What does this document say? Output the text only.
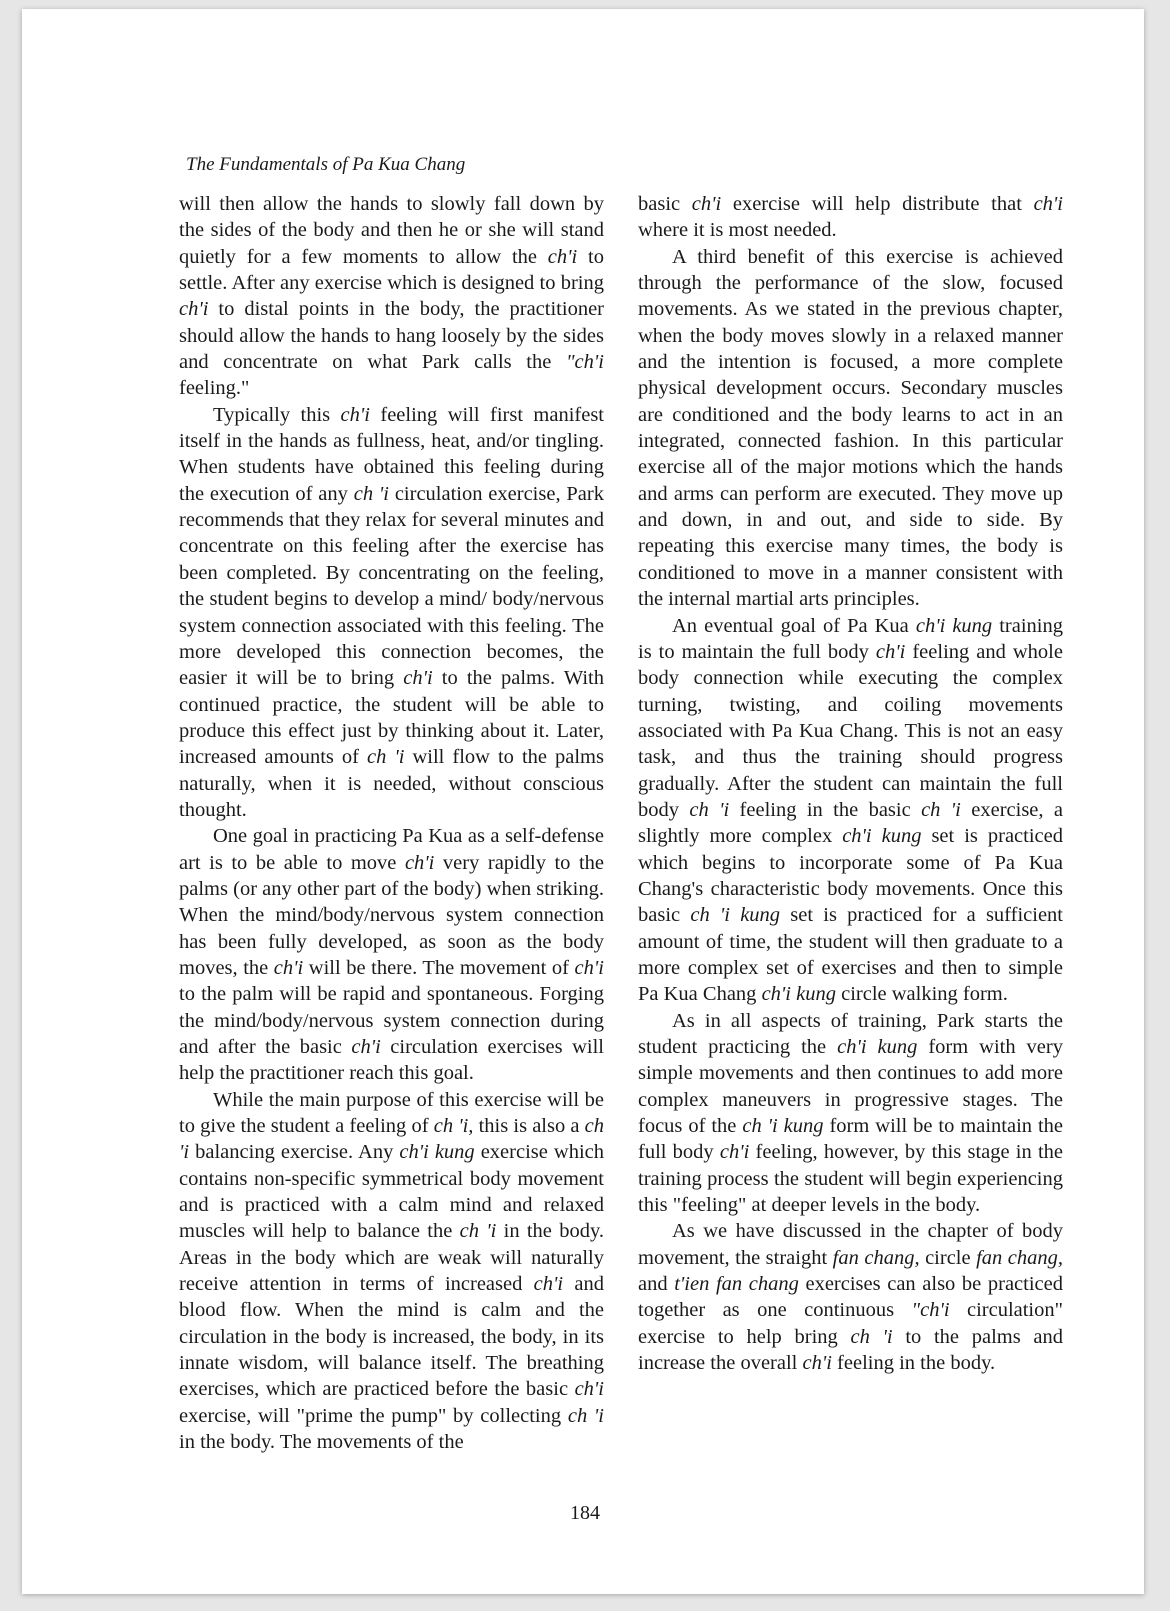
The Fundamentals of Pa Kua Chang

will then allow the hands to slowly fall down by the sides of the body and then he or she will stand quietly for a few moments to allow the ch'i to settle. After any exercise which is designed to bring ch'i to distal points in the body, the practitioner should allow the hands to hang loosely by the sides and concentrate on what Park calls the "ch'i feeling."

Typically this ch'i feeling will first manifest itself in the hands as fullness, heat, and/or tingling. When students have obtained this feeling during the execution of any ch 'i circulation exercise, Park recommends that they relax for several minutes and concentrate on this feeling after the exercise has been completed. By concentrating on the feeling, the student begins to develop a mind/ body/nervous system connection associated with this feeling. The more developed this connection becomes, the easier it will be to bring ch'i to the palms. With continued practice, the student will be able to produce this effect just by thinking about it. Later, increased amounts of ch 'i will flow to the palms naturally, when it is needed, without conscious thought.

One goal in practicing Pa Kua as a self-defense art is to be able to move ch'i very rapidly to the palms (or any other part of the body) when striking. When the mind/body/nervous system connection has been fully developed, as soon as the body moves, the ch'i will be there. The movement of ch'i to the palm will be rapid and spontaneous. Forging the mind/body/nervous system connection during and after the basic ch'i circulation exercises will help the practitioner reach this goal.

While the main purpose of this exercise will be to give the student a feeling of ch 'i, this is also a ch 'i balancing exercise. Any ch'i kung exercise which contains non-specific symmetrical body movement and is practiced with a calm mind and relaxed muscles will help to balance the ch 'i in the body. Areas in the body which are weak will naturally receive attention in terms of increased ch'i and blood flow. When the mind is calm and the circulation in the body is increased, the body, in its innate wisdom, will balance itself. The breathing exercises, which are practiced before the basic ch'i exercise, will "prime the pump" by collecting ch 'i in the body. The movements of the

basic ch'i exercise will help distribute that ch'i where it is most needed.

A third benefit of this exercise is achieved through the performance of the slow, focused movements. As we stated in the previous chapter, when the body moves slowly in a relaxed manner and the intention is focused, a more complete physical development occurs. Secondary muscles are conditioned and the body learns to act in an integrated, connected fashion. In this particular exercise all of the major motions which the hands and arms can perform are executed. They move up and down, in and out, and side to side. By repeating this exercise many times, the body is conditioned to move in a manner consistent with the internal martial arts principles.

An eventual goal of Pa Kua ch'i kung training is to maintain the full body ch'i feeling and whole body connection while executing the complex turning, twisting, and coiling movements associated with Pa Kua Chang. This is not an easy task, and thus the training should progress gradually. After the student can maintain the full body ch 'i feeling in the basic ch 'i exercise, a slightly more complex ch'i kung set is practiced which begins to incorporate some of Pa Kua Chang's characteristic body movements. Once this basic ch 'i kung set is practiced for a sufficient amount of time, the student will then graduate to a more complex set of exercises and then to simple Pa Kua Chang ch'i kung circle walking form.

As in all aspects of training, Park starts the student practicing the ch'i kung form with very simple movements and then continues to add more complex maneuvers in progressive stages. The focus of the ch 'i kung form will be to maintain the full body ch'i feeling, however, by this stage in the training process the student will begin experiencing this "feeling" at deeper levels in the body.

As we have discussed in the chapter of body movement, the straight fan chang, circle fan chang, and t'ien fan chang exercises can also be practiced together as one continuous "ch'i circulation" exercise to help bring ch 'i to the palms and increase the overall ch'i feeling in the body.

184
